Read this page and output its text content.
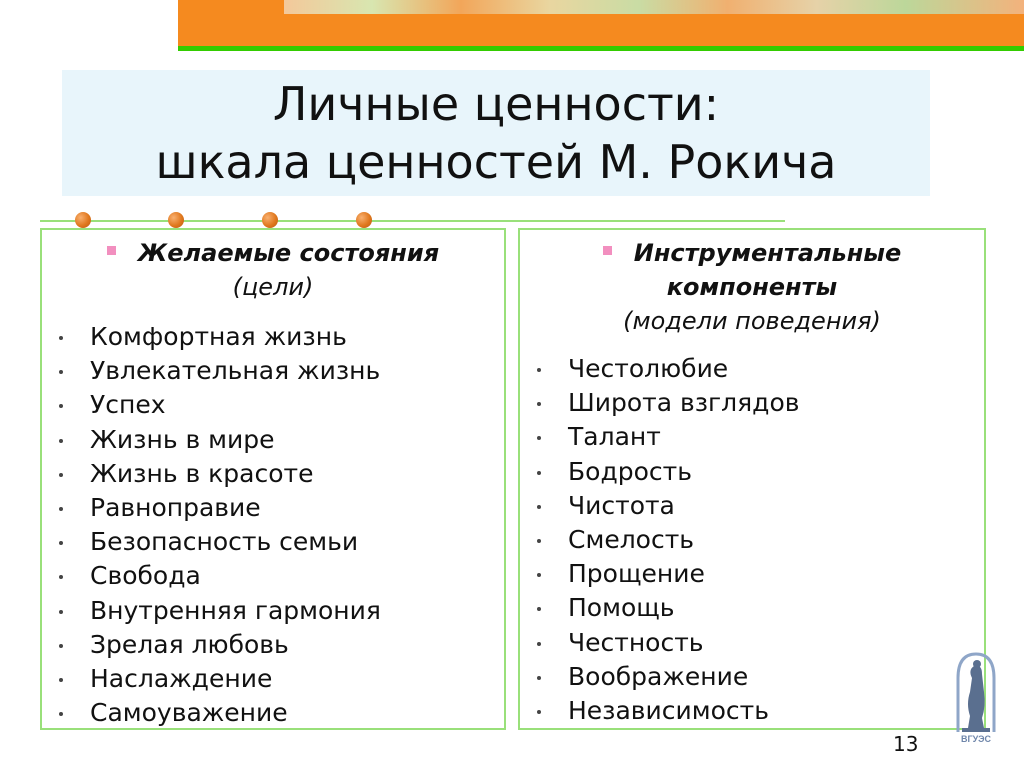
Личные ценности:
шкала ценностей М. Рокича
Желаемые состояния
(цели)
Комфортная жизнь
Увлекательная жизнь
Успех
Жизнь в мире
Жизнь в красоте
Равноправие
Безопасность семьи
Свобода
Внутренняя гармония
Зрелая любовь
Наслаждение
Самоуважение
Инструментальные
компоненты
(модели поведения)
Честолюбие
Широта взглядов
Талант
Бодрость
Чистота
Смелость
Прощение
Помощь
Честность
Воображение
Независимость
ВГУЭС
13
